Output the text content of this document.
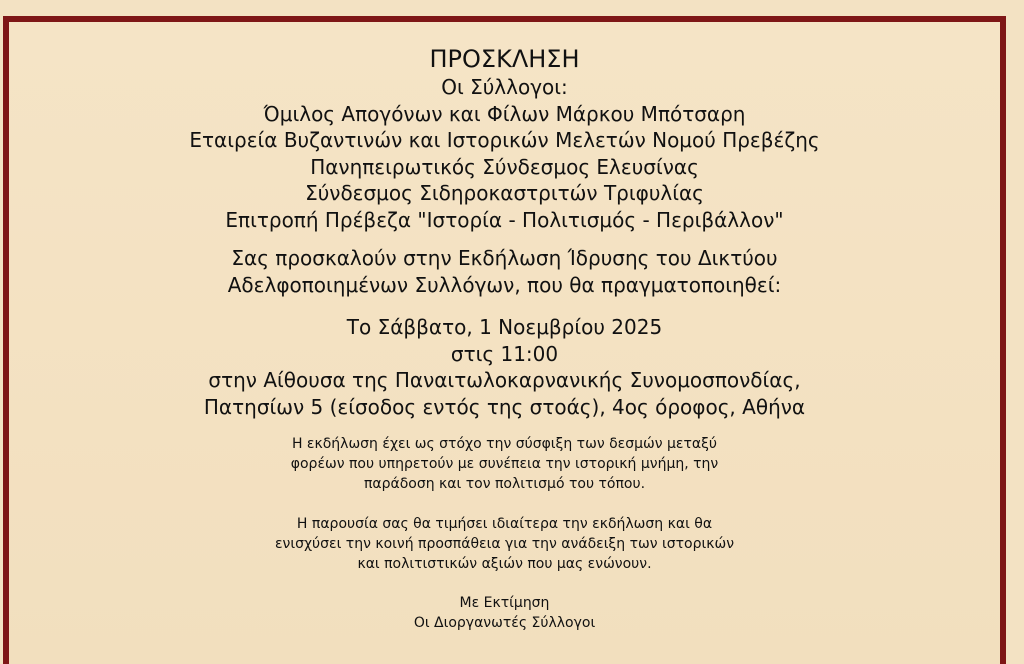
ΠΡΟΣΚΛΗΣΗ

Οι Σύλλογοι:

Όμιλος Απογόνων και Φίλων Μάρκου Μπότσαρη

Εταιρεία Βυζαντινών και Ιστορικών Μελετών Νομού Πρεβέζης

Πανηπειρωτικός Σύνδεσμος Ελευσίνας

Σύνδεσμος Σιδηροκαστριτών Τριφυλίας

Επιτροπή Πρέβεζα "Ιστορία - Πολιτισμός - Περιβάλλον"

Σας προσκαλούν στην Εκδήλωση Ίδρυσης του Δικτύου

Αδελφοποιημένων Συλλόγων, που θα πραγματοποιηθεί:

Το Σάββατο, 1 Νοεμβρίου 2025

στις 11:00

στην Αίθουσα της Παναιτωλοκαρνανικής Συνομοσπονδίας,

Πατησίων 5 (είσοδος εντός της στοάς), 4ος όροφος, Αθήνα

Η εκδήλωση έχει ως στόχο την σύσφιξη των δεσμών μεταξύ

φορέων που υπηρετούν με συνέπεια την ιστορική μνήμη, την

παράδοση και τον πολιτισμό του τόπου.

Η παρουσία σας θα τιμήσει ιδιαίτερα την εκδήλωση και θα

ενισχύσει την κοινή προσπάθεια για την ανάδειξη των ιστορικών

και πολιτιστικών αξιών που μας ενώνουν.

Με Εκτίμηση

Οι Διοργανωτές Σύλλογοι
